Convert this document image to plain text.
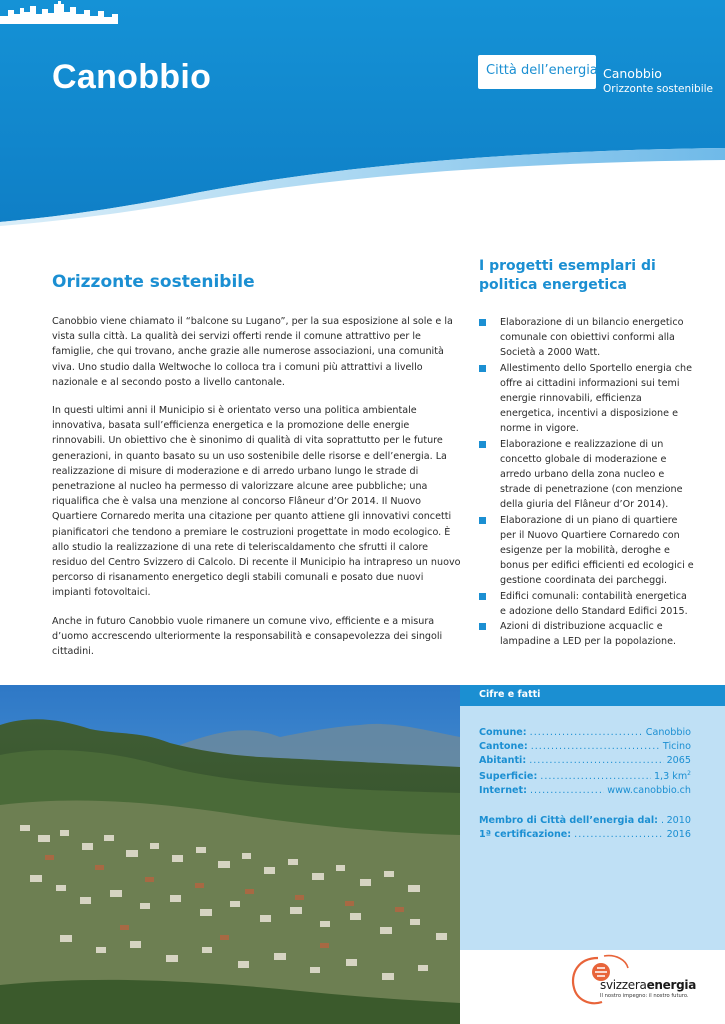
Canobbio	Città dell’energia Canobbio
Orizzonte sostenibile
Orizzonte sostenibile

Canobbio viene chiamato il “balcone su Lugano”, per la sua esposizione al sole e la vista sulla città. La qualità dei servizi offerti rende il comune attrattivo per le famiglie, che qui trovano, anche grazie alle numerose associazioni, una comunità viva. Uno studio dalla Weltwoche lo colloca tra i comuni più attrattivi a livello nazionale e al secondo posto a livello cantonale.

In questi ultimi anni il Municipio si è orientato verso una politica ambientale innovativa, basata sull’efficienza energetica e la promozione delle energie rinnovabili. Un obiettivo che è sinonimo di qualità di vita soprattutto per le future generazioni, in quanto basato su un uso sostenibile delle risorse e dell’energia. La realizzazione di misure di moderazione e di arredo urbano lungo le strade di penetrazione al nucleo ha permesso di valorizzare alcune aree pubbliche; una riqualifica che è valsa una menzione al concorso Flâneur d’Or 2014. Il Nuovo Quartiere Cornaredo merita una citazione per quanto attiene gli innovativi concetti pianificatori che tendono a premiare le costruzioni progettate in modo ecologico. È allo studio la realizzazione di una rete di teleriscaldamento che sfrutti il calore residuo del Centro Svizzero di Calcolo. Di recente il Municipio ha intrapreso un nuovo percorso di risanamento energetico degli stabili comunali e posato due nuovi impianti fotovoltaici.

Anche in futuro Canobbio vuole rimanere un comune vivo, efficiente e a misura d’uomo accrescendo ulteriormente la responsabilità e consapevolezza dei singoli cittadini.

I progetti esemplari di politica energetica
Elaborazione di un bilancio energetico comunale con obiettivi conformi alla Società a 2000 Watt.
Allestimento dello Sportello energia che offre ai cittadini informazioni sui temi energie rinnovabili, efficienza energetica, incentivi a disposizione e norme in vigore.
Elaborazione e realizzazione di un concetto globale di moderazione e arredo urbano della zona nucleo e strade di penetrazione (con menzione della giuria del Flâneur d’Or 2014).
Elaborazione di un piano di quartiere per il Nuovo Quartiere Cornaredo con esigenze per la mobilità, deroghe e bonus per edifici efficienti ed ecologici e gestione coordinata dei parcheggi.
Edifici comunali: contabilità energetica e adozione dello Standard Edifici 2015.
Azioni di distribuzione acquaclic e lampadine a LED per la popolazione.
Cifre e fatti
Comune: .....	Canobbio
Cantone: .....	Ticino
Abitanti: .....	2065
Superficie: .....	1,3 $km^2$
Internet: .....	www.canobbio.ch
Membro di Città dell’energia dal: ..... 2010
1ª certificazione: .....	2016
svizzeraenergia
Il nostro impegno: il nostro futuro.
